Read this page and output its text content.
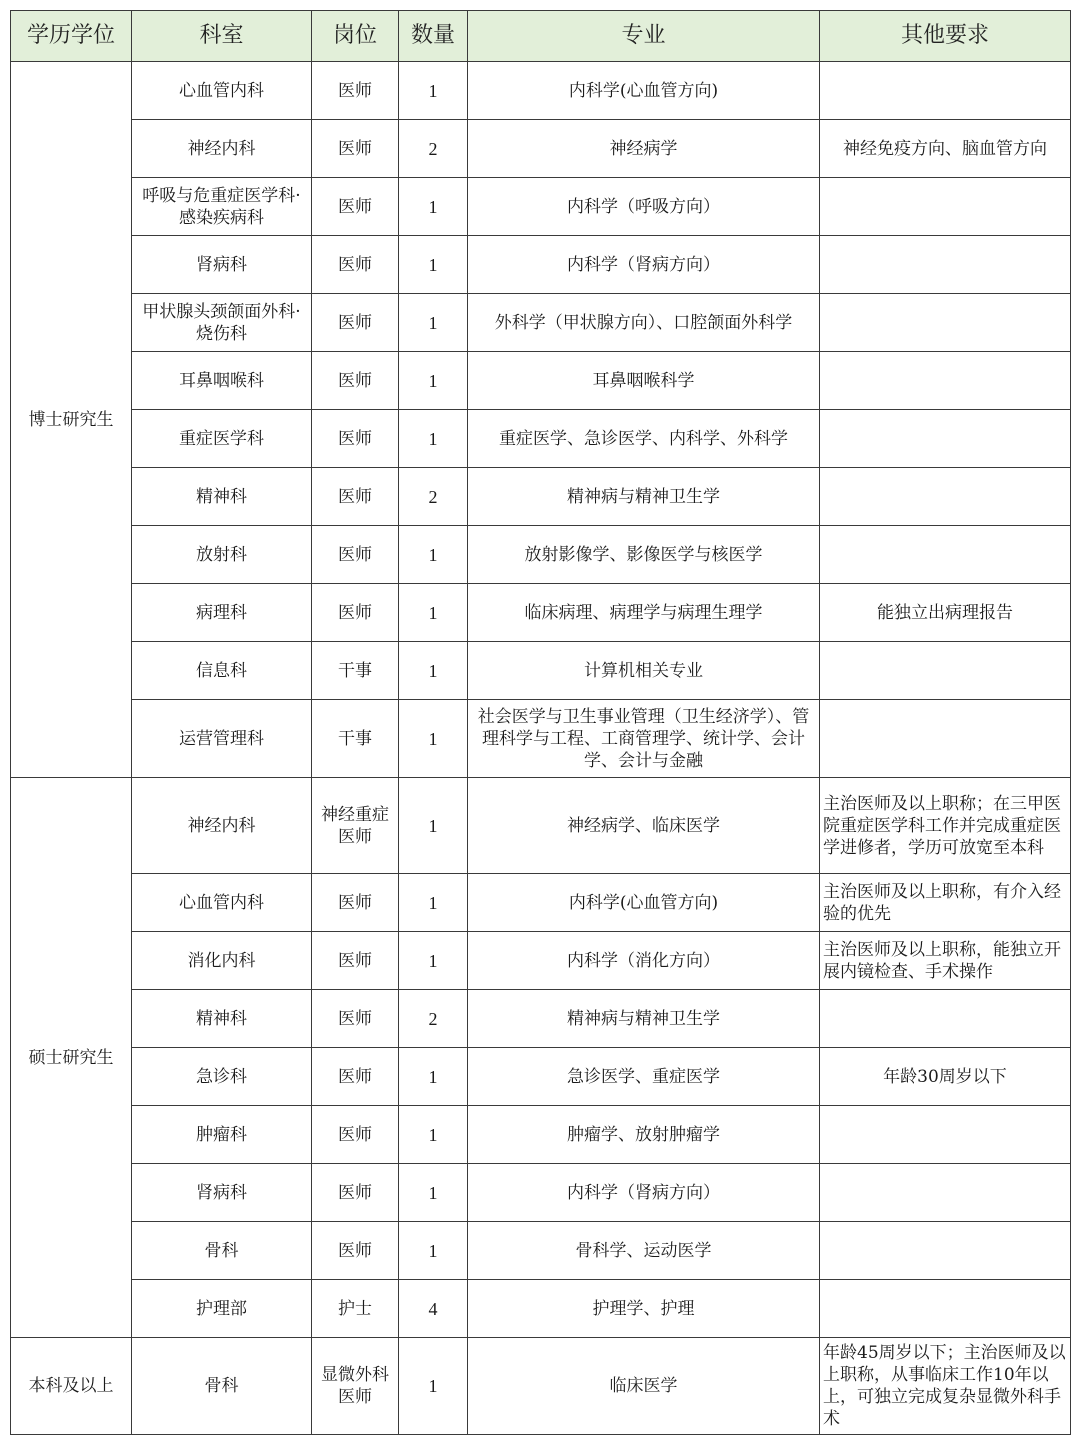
学历学位	科室	岗位	数量	专业	其他要求
博士研究生	心血管内科	医师	1	内科学(心血管方向)	
	神经内科	医师	2	神经病学	神经免疫方向、脑血管方向
	呼吸与危重症医学科·感染疾病科	医师	1	内科学（呼吸方向）	
	肾病科	医师	1	内科学（肾病方向）	
	甲状腺头颈颌面外科·烧伤科	医师	1	外科学（甲状腺方向）、口腔颌面外科学	
	耳鼻咽喉科	医师	1	耳鼻咽喉科学	
	重症医学科	医师	1	重症医学、急诊医学、内科学、外科学	
	精神科	医师	2	精神病与精神卫生学	
	放射科	医师	1	放射影像学、影像医学与核医学	
	病理科	医师	1	临床病理、病理学与病理生理学	能独立出病理报告
	信息科	干事	1	计算机相关专业	
	运营管理科	干事	1	社会医学与卫生事业管理（卫生经济学）、管理科学与工程、工商管理学、统计学、会计学、会计与金融	
硕士研究生	神经内科	神经重症医师	1	神经病学、临床医学	主治医师及以上职称；在三甲医院重症医学科工作并完成重症医学进修者，学历可放宽至本科
	心血管内科	医师	1	内科学(心血管方向)	主治医师及以上职称，有介入经验的优先
	消化内科	医师	1	内科学（消化方向）	主治医师及以上职称，能独立开展内镜检查、手术操作
	精神科	医师	2	精神病与精神卫生学	
	急诊科	医师	1	急诊医学、重症医学	年龄30周岁以下
	肿瘤科	医师	1	肿瘤学、放射肿瘤学	
	肾病科	医师	1	内科学（肾病方向）	
	骨科	医师	1	骨科学、运动医学	
	护理部	护士	4	护理学、护理	
本科及以上	骨科	显微外科医师	1	临床医学	年龄45周岁以下；主治医师及以上职称，从事临床工作10年以上，可独立完成复杂显微外科手术
